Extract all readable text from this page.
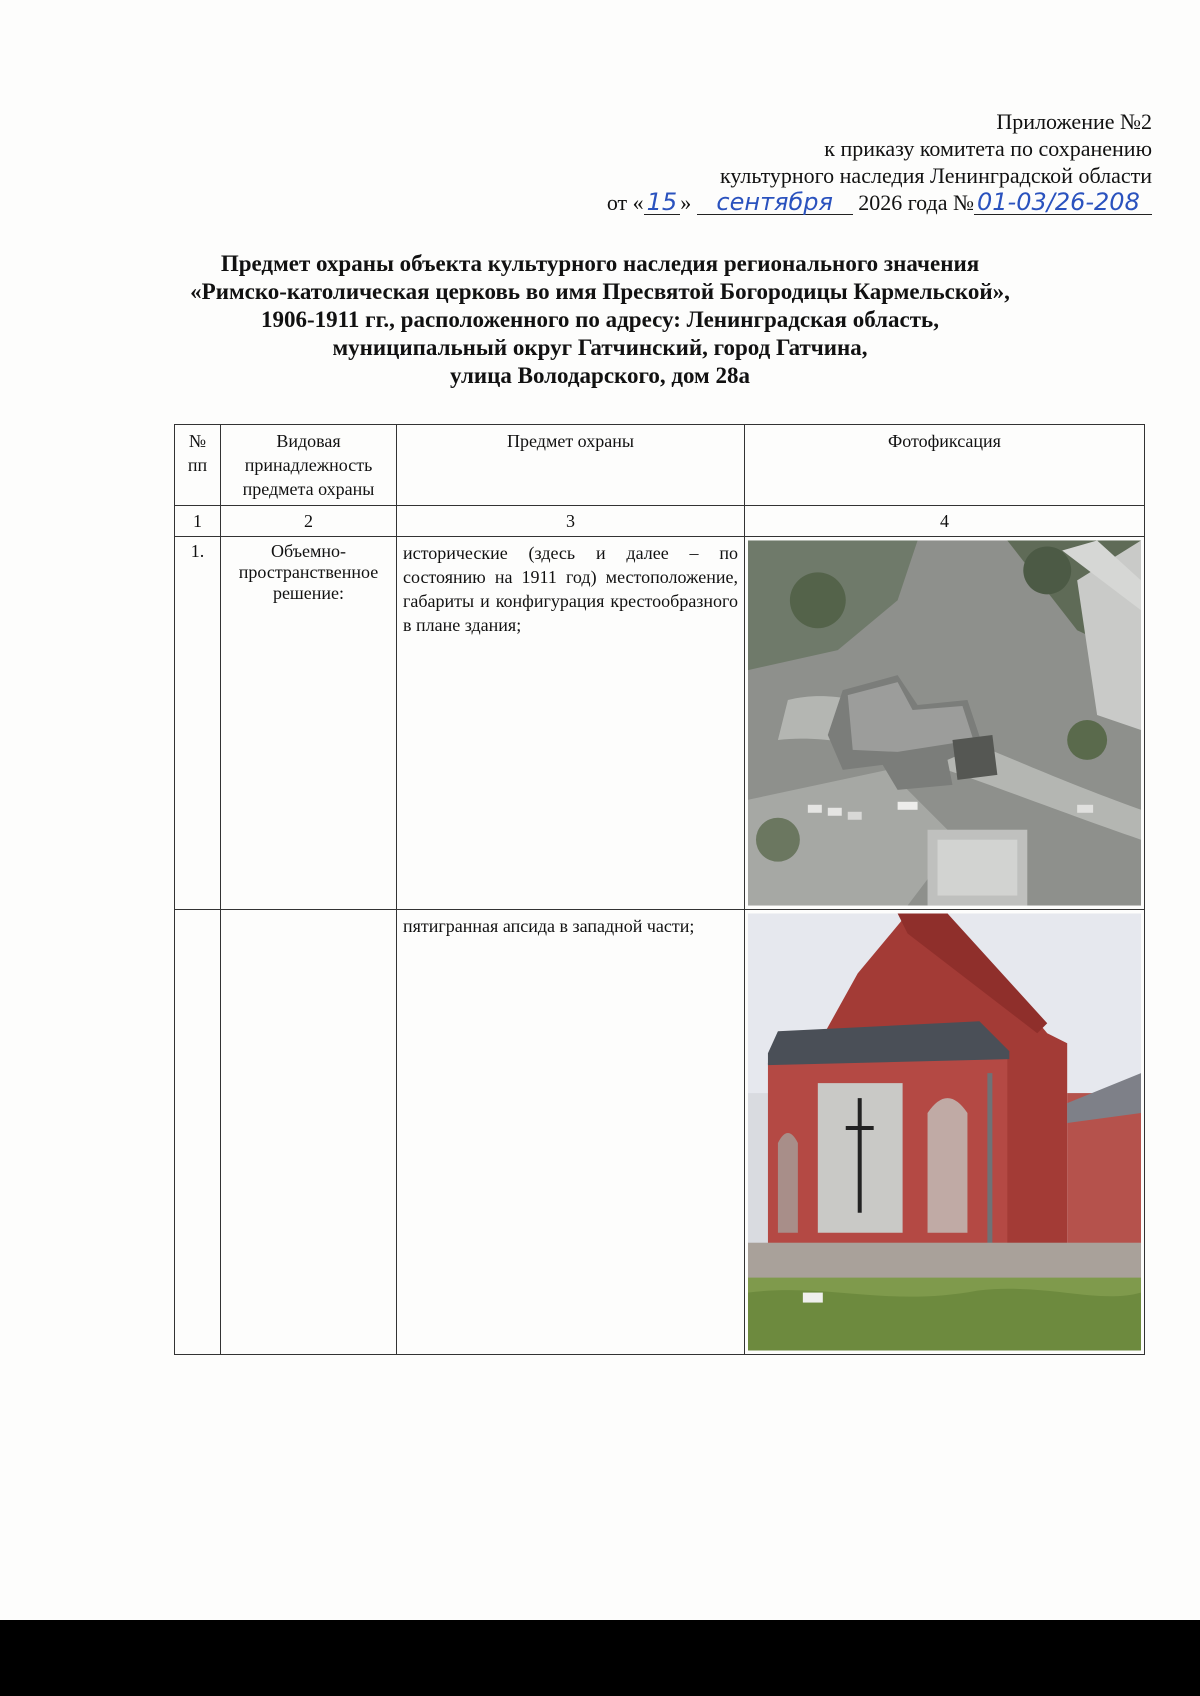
Приложение №2
к приказу комитета по сохранению
культурного наследия Ленинградской области
от « 15 » сентября 2026 года № 01-03/26-208
Предмет охраны объекта культурного наследия регионального значения
«Римско-католическая церковь во имя Пресвятой Богородицы Кармельской»,
1906-1911 гг., расположенного по адресу: Ленинградская область,
муниципальный округ Гатчинский, город Гатчина,
улица Володарского, дом 28а
№ пп	Видовая принадлежность предмета охраны	Предмет охраны	Фотофиксация
1	2	3	4
1.	Объемно-пространственное решение:	исторические (здесь и далее – по состоянию на 1911 год) местоположение, габариты и конфигурация крестообразного в плане здания;	

		пятигранная апсида в западной части;	
